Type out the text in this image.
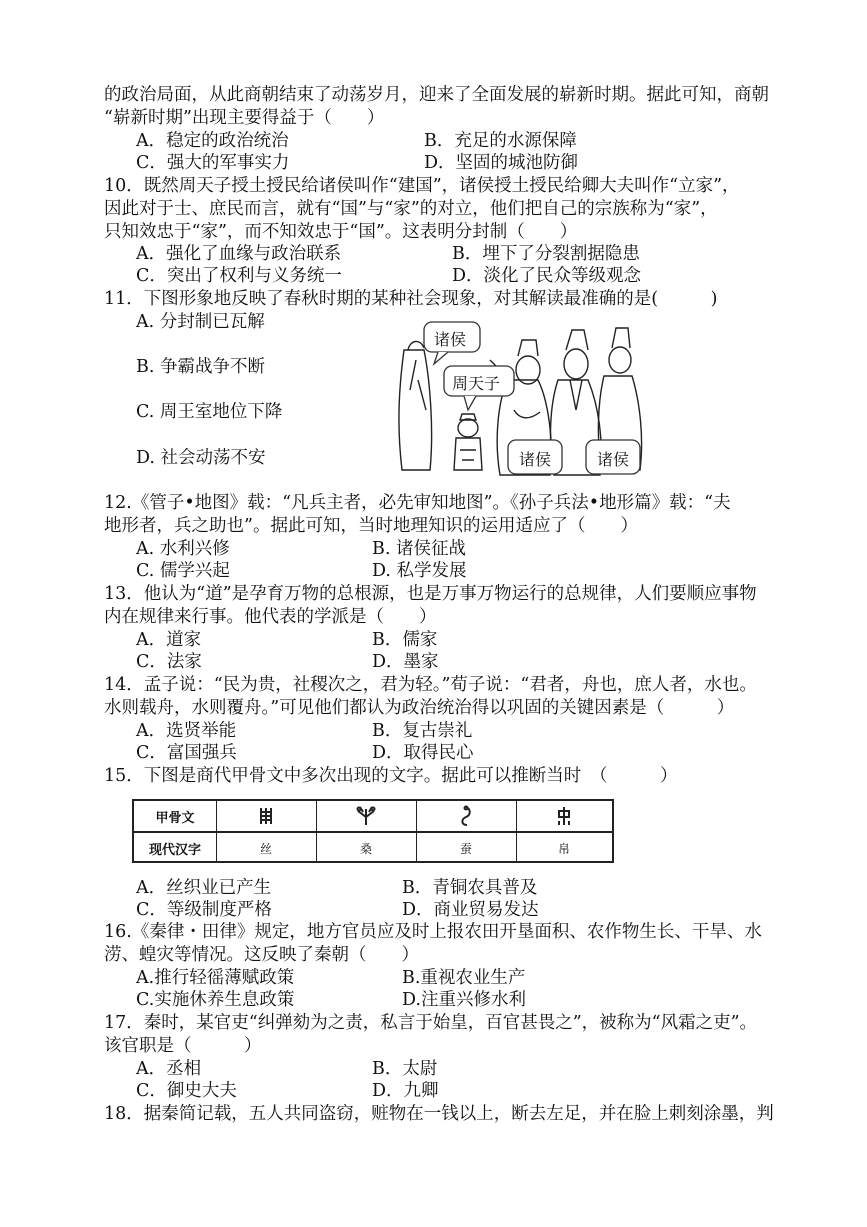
的政治局面，从此商朝结束了动荡岁月，迎来了全面发展的崭新时期。据此可知，商朝
“崭新时期”出现主要得益于（　　）
A．稳定的政治统治	B．充足的水源保障
C．强大的军事实力	D．坚固的城池防御
10．既然周天子授土授民给诸侯叫作“建国”，诸侯授土授民给卿大夫叫作“立家”，
因此对于士、庶民而言，就有“国”与“家”的对立，他们把自己的宗族称为“家”，
只知效忠于“家”，而不知效忠于“国”。这表明分封制（　　）
A．强化了血缘与政治联系	B．埋下了分裂割据隐患
C．突出了权利与义务统一	D．淡化了民众等级观念
11．下图形象地反映了春秋时期的某种社会现象，对其解读最准确的是(　　　)
A. 分封制已瓦解
B. 争霸战争不断
C. 周王室地位下降
D. 社会动荡不安
诸侯
周天子
诸侯	诸侯
12.《管子•地图》载：“凡兵主者，必先审知地图”。《孙子兵法•地形篇》载：“夫
地形者，兵之助也”。据此可知，当时地理知识的运用适应了（　　）
A. 水利兴修	B. 诸侯征战
C. 儒学兴起	D. 私学发展
13．他认为“道”是孕育万物的总根源，也是万事万物运行的总规律，人们要顺应事物
内在规律来行事。他代表的学派是（　　）
A．道家	B．儒家
C．法家	D．墨家
14．孟子说：“民为贵，社稷次之，君为轻。”荀子说：“君者，舟也，庶人者，水也。
水则载舟，水则覆舟。”可见他们都认为政治统治得以巩固的关键因素是（　　　）
A．选贤举能	B．复古崇礼
C．富国强兵	D．取得民心
15．下图是商代甲骨文中多次出现的文字。据此可以推断当时　（　　　）
甲骨文
现代汉字	丝	桑	蚕	帛
A．丝织业已产生	B．青铜农具普及
C．等级制度严格	D．商业贸易发达
16.《秦律・田律》规定，地方官员应及时上报农田开垦面积、农作物生长、干旱、水
涝、蝗灾等情况。这反映了秦朝（　　）
A.推行轻徭薄赋政策	B.重视农业生产
C.实施休养生息政策	D.注重兴修水利
17．秦时，某官吏“纠弹劾为之责，私言于始皇，百官甚畏之”，被称为“风霜之吏”。
该官职是（　　　）
A．丞相	B．太尉
C．御史大夫	D．九卿
18．据秦简记载，五人共同盗窃，赃物在一钱以上，断去左足，并在脸上刺刻涂墨，判
